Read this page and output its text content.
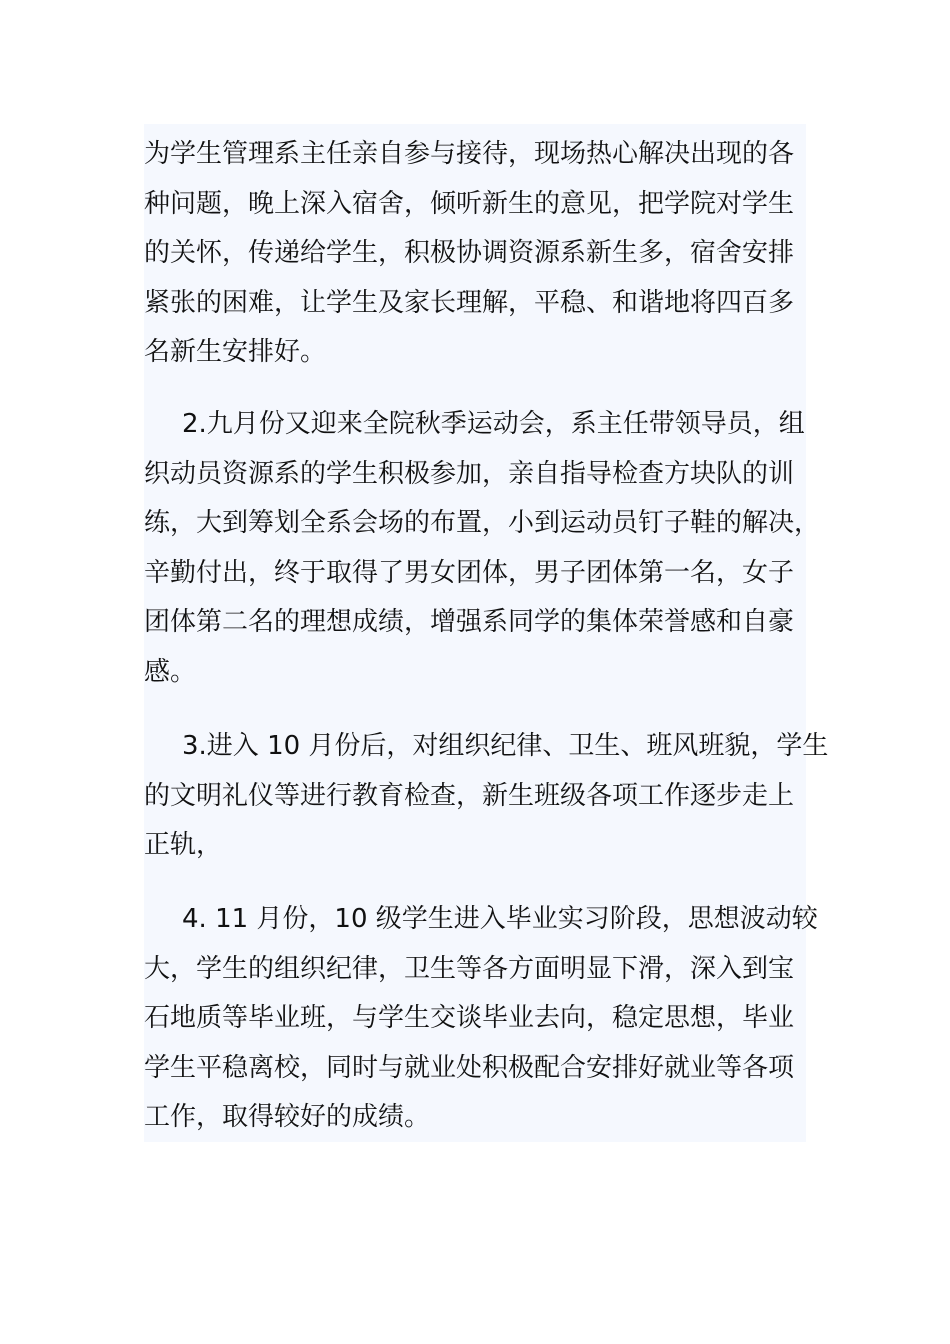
为学生管理系主任亲自参与接待，现场热心解决出现的各
种问题，晚上深入宿舍，倾听新生的意见，把学院对学生
的关怀，传递给学生，积极协调资源系新生多，宿舍安排
紧张的困难，让学生及家长理解，平稳、和谐地将四百多
名新生安排好。

2.九月份又迎来全院秋季运动会，系主任带领导员，组
织动员资源系的学生积极参加，亲自指导检查方块队的训
练，大到筹划全系会场的布置，小到运动员钉子鞋的解决，
辛勤付出，终于取得了男女团体，男子团体第一名，女子
团体第二名的理想成绩，增强系同学的集体荣誉感和自豪
感。

3.进入 10 月份后，对组织纪律、卫生、班风班貌，学生
的文明礼仪等进行教育检查，新生班级各项工作逐步走上
正轨，

4. 11 月份，10 级学生进入毕业实习阶段，思想波动较
大，学生的组织纪律，卫生等各方面明显下滑，深入到宝
石地质等毕业班，与学生交谈毕业去向，稳定思想，毕业
学生平稳离校，同时与就业处积极配合安排好就业等各项
工作，取得较好的成绩。
